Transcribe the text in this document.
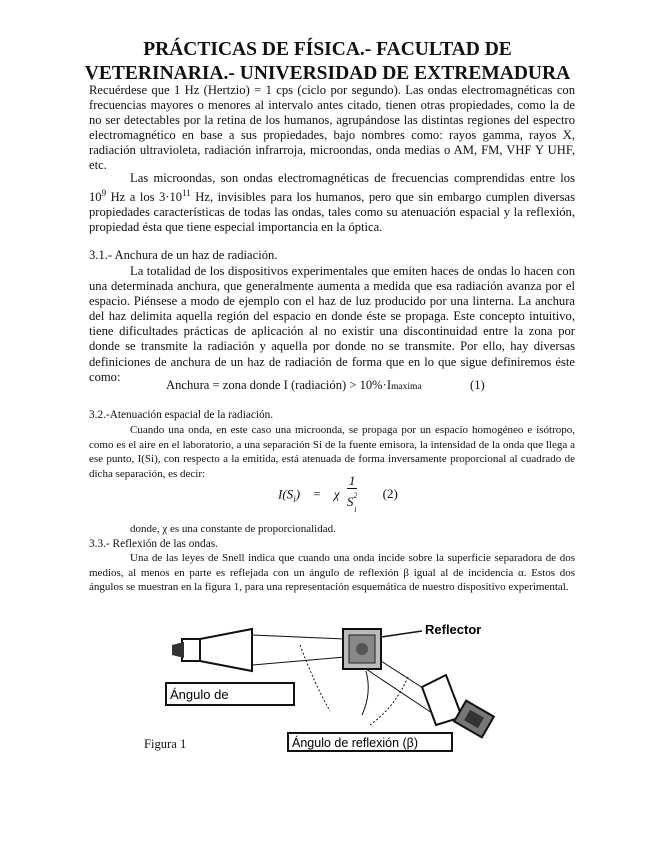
PRÁCTICAS DE FÍSICA.- FACULTAD DE
VETERINARIA.- UNIVERSIDAD DE EXTREMADURA

Recuérdese que 1 Hz (Hertzio) = 1 cps (ciclo por segundo). Las ondas electromagnéticas con frecuencias mayores o menores al intervalo antes citado, tienen otras propiedades, como la de no ser detectables por la retina de los humanos, agrupándose las distintas regiones del espectro electromagnético en base a sus propiedades, bajo nombres como: rayos gamma, rayos X, radiación ultravioleta, radiación infrarroja, microondas, onda medias o AM, FM, VHF Y UHF, etc.

Las microondas, son ondas electromagnéticas de frecuencias comprendidas entre los $10^9$ Hz a los $3\cdot 10^{11}$ Hz, invisibles para los humanos, pero que sin embargo cumplen diversas propiedades características de todas las ondas, tales como su atenuación espacial y la reflexión, propiedad ésta que tiene especial importancia en la óptica.

3.1.- Anchura de un haz de radiación.

La totalidad de los dispositivos experimentales que emiten haces de ondas lo hacen con una determinada anchura, que generalmente aumenta a medida que esa radiación avanza por el espacio. Piénsese a modo de ejemplo con el haz de luz producido por una linterna. La anchura del haz delimita aquella región del espacio en donde éste se propaga. Este concepto intuitivo, tiene dificultades prácticas de aplicación al no existir una discontinuidad entre la zona por donde se transmite la radiación y aquella por donde no se transmite. Por ello, hay diversas definiciones de anchura de un haz de radiación de forma que en lo que sigue definiremos éste como:

Anchura = zona donde I (radiación) > 10%·Imaxima	(1)

3.2.-Atenuación espacial de la radiación.

Cuando una onda, en este caso una microonda, se propaga por un espacio homogéneo e isótropo, como es el aire en el laboratorio, a una separación Si de la fuente emisora, la intensidad de la onda que llega a ese punto, I(Si), con respecto a la emitida, está atenuada de forma inversamente proporcional al cuadrado de dicha separación, es decir:

$I(S_i) = \chi$ 1
S 2
i (2)

donde, χ es una constante de proporcionalidad.

3.3.- Reflexión de las ondas.

Una de las leyes de Snell indica que cuando una onda incide sobre la superficie separadora de dos medios, al menos en parte es reflejada con un ángulo de reflexión β igual al de incidencia α. Estos dos ángulos se muestran en la figura 1, para una representación esquemática de nuestro dispositivo experimental.

Reflector
Ángulo de
Ángulo de reflexión (β)

Figura 1
